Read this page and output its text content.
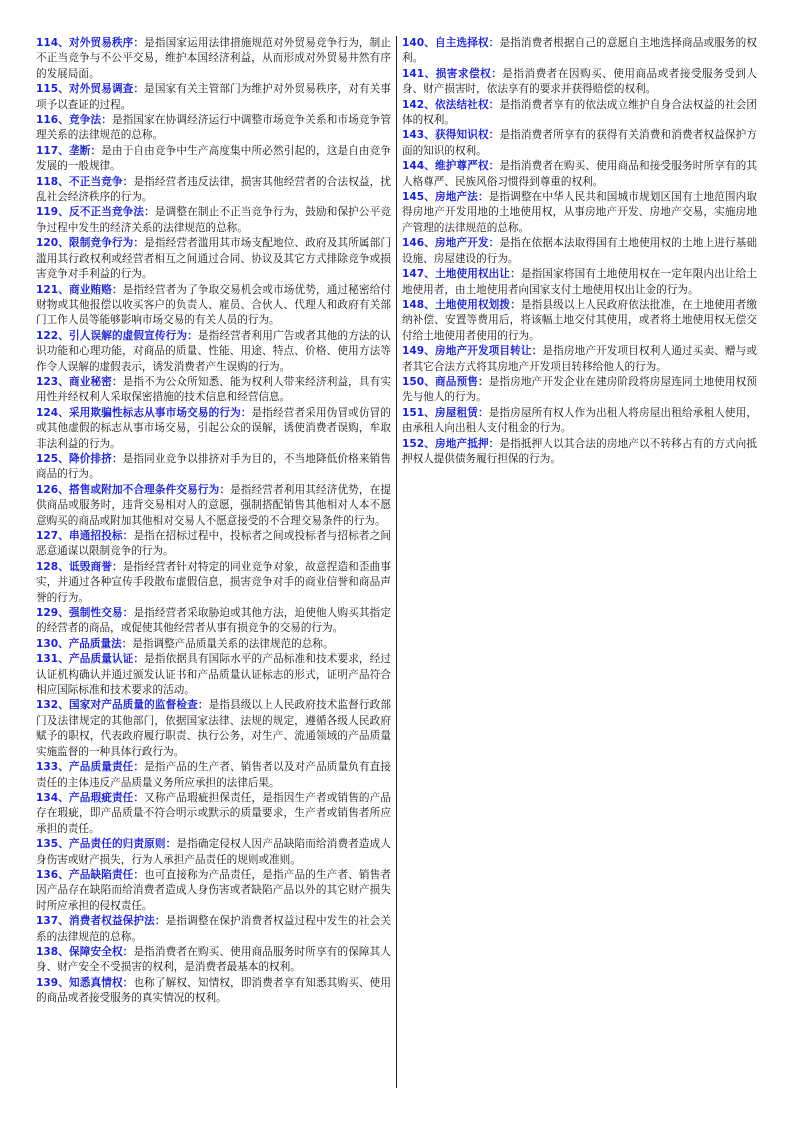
114、对外贸易秩序：是指国家运用法律措施规范对外贸易竞争行为，制止不正当竞争与不公平交易，维护本国经济利益，从而形成对外贸易井然有序的发展局面。

115、对外贸易调查：是国家有关主管部门为维护对外贸易秩序，对有关事项予以查证的过程。

116、竞争法：是指国家在协调经济运行中调整市场竞争关系和市场竞争管理关系的法律规范的总称。

117、垄断：是由于自由竞争中生产高度集中所必然引起的，这是自由竞争发展的一般规律。

118、不正当竞争：是指经营者违反法律，损害其他经营者的合法权益，扰乱社会经济秩序的行为。

119、反不正当竞争法：是调整在制止不正当竞争行为，鼓励和保护公平竞争过程中发生的经济关系的法律规范的总称。

120、限制竞争行为：是指经营者滥用其市场支配地位、政府及其所属部门滥用其行政权利或经营者相互之间通过合同、协议及其它方式排除竞争或损害竞争对手利益的行为。

121、商业贿赂：是指经营者为了争取交易机会或市场优势，通过秘密给付财物或其他报偿以收买客户的负责人、雇员、合伙人、代理人和政府有关部门工作人员等能够影响市场交易的有关人员的行为。

122、引人误解的虚假宣传行为：是指经营者利用广告或者其他的方法的认识功能和心理功能，对商品的质量、性能、用途、特点、价格、使用方法等作令人误解的虚假表示，诱发消费者产生误购的行为。

123、商业秘密：是指不为公众所知悉、能为权利人带来经济利益，具有实用性并经权利人采取保密措施的技术信息和经营信息。

124、采用欺骗性标志从事市场交易的行为：是指经营者采用伪冒或仿冒的或其他虚假的标志从事市场交易，引起公众的误解，诱使消费者误购，牟取非法利益的行为。

125、降价排挤：是指同业竞争以排挤对手为目的，不当地降低价格来销售商品的行为。

126、搭售或附加不合理条件交易行为：是指经营者利用其经济优势，在提供商品或服务时，违背交易相对人的意愿，强制搭配销售其他相对人本不愿意购买的商品或附加其他相对交易人不愿意接受的不合理交易条件的行为。

127、串通招投标：是指在招标过程中，投标者之间或投标者与招标者之间恶意通谋以限制竞争的行为。

128、诋毁商誉：是指经营者针对特定的同业竞争对象，故意捏造和歪曲事实，并通过各种宣传手段散布虚假信息，损害竞争对手的商业信誉和商品声誉的行为。

129、强制性交易：是指经营者采取胁迫或其他方法，迫使他人购买其指定的经营者的商品，或促使其他经营者从事有损竞争的交易的行为。

130、产品质量法：是指调整产品质量关系的法律规范的总称。

131、产品质量认证：是指依据具有国际水平的产品标准和技术要求，经过认证机构确认并通过颁发认证书和产品质量认证标志的形式，证明产品符合相应国际标准和技术要求的活动。

132、国家对产品质量的监督检查：是指县级以上人民政府技术监督行政部门及法律规定的其他部门，依据国家法律、法规的规定，遵循各级人民政府赋予的职权，代表政府履行职责、执行公务，对生产、流通领域的产品质量实施监督的一种具体行政行为。

133、产品质量责任：是指产品的生产者、销售者以及对产品质量负有直接责任的主体违反产品质量义务所应承担的法律后果。

134、产品瑕疵责任：又称产品瑕疵担保责任，是指因生产者或销售的产品存在瑕疵，即产品质量不符合明示或默示的质量要求，生产者或销售者所应承担的责任。

135、产品责任的归责原则：是指确定侵权人因产品缺陷而给消费者造成人身伤害或财产损失，行为人承担产品责任的规则或准则。

136、产品缺陷责任：也可直接称为产品责任，是指产品的生产者、销售者因产品存在缺陷而给消费者造成人身伤害或者缺陷产品以外的其它财产损失时所应承担的侵权责任。

137、消费者权益保护法：是指调整在保护消费者权益过程中发生的社会关系的法律规范的总称。

138、保障安全权：是指消费者在购买、使用商品服务时所享有的保障其人身、财产安全不受损害的权利，是消费者最基本的权利。

139、知悉真情权：也称了解权、知情权，即消费者享有知悉其购买、使用的商品或者接受服务的真实情况的权利。

140、自主选择权：是指消费者根据自己的意愿自主地选择商品或服务的权利。

141、损害求偿权：是指消费者在因购买、使用商品或者接受服务受到人身、财产损害时，依法享有的要求并获得赔偿的权利。

142、依法结社权：是指消费者享有的依法成立维护自身合法权益的社会团体的权利。

143、获得知识权：是指消费者所享有的获得有关消费和消费者权益保护方面的知识的权利。

144、维护尊严权：是指消费者在购买、使用商品和接受服务时所享有的其人格尊严、民族风俗习惯得到尊重的权利。

145、房地产法：是指调整在中华人民共和国城市规划区国有土地范围内取得房地产开发用地的土地使用权，从事房地产开发、房地产交易，实施房地产管理的法律规范的总称。

146、房地产开发：是指在依据本法取得国有土地使用权的土地上进行基础设施、房屋建设的行为。

147、土地使用权出让：是指国家将国有土地使用权在一定年限内出让给土地使用者，由土地使用者向国家支付土地使用权出让金的行为。

148、土地使用权划拨：是指县级以上人民政府依法批准，在土地使用者缴纳补偿、安置等费用后，将该幅土地交付其使用，或者将土地使用权无偿交付给土地使用者使用的行为。

149、房地产开发项目转让：是指房地产开发项目权利人通过买卖、赠与或者其它合法方式将其房地产开发项目转移给他人的行为。

150、商品预售：是指房地产开发企业在建房阶段将房屋连同土地使用权预先与他人的行为。

151、房屋租赁：是指房屋所有权人作为出租人将房屋出租给承租人使用，由承租人向出租人支付租金的行为。

152、房地产抵押：是指抵押人以其合法的房地产以不转移占有的方式向抵押权人提供债务履行担保的行为。
